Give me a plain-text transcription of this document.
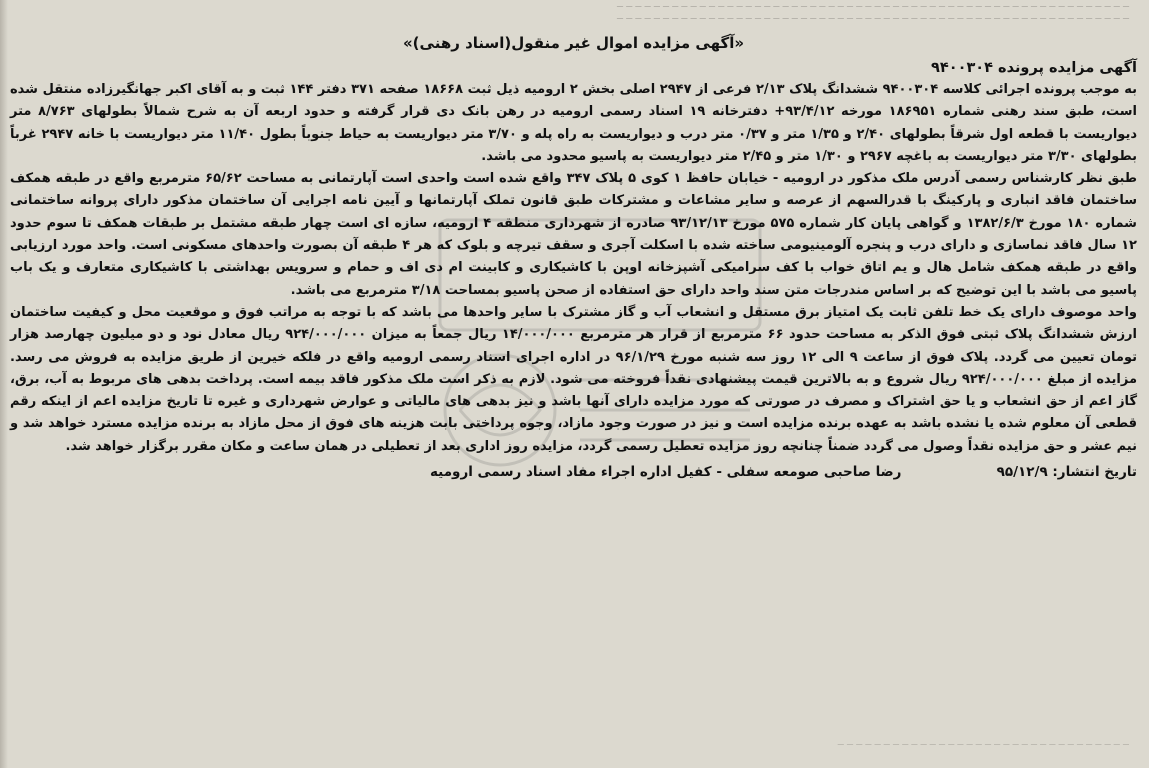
─ ─ ─ ─ ─ ─ ─ ─ ─ ─ ─ ─ ─ ─ ─ ─ ─ ─ ─ ─ ─ ─ ─ ─ ─ ─ ─ ─ ─ ─ ─ ─ ─ ─ ─ ─ ─ ─ ─ ─ ─ ─ ─ ─ ─ ─ ─ ─ ─ ─ ─ ─ ─ ─ ─ ─
─ ─ ─ ─ ─ ─ ─ ─ ─ ─ ─ ─ ─ ─ ─ ─ ─ ─ ─ ─ ─ ─ ─ ─ ─ ─ ─ ─ ─ ─ ─ ─ ─ ─ ─ ─ ─ ─ ─ ─ ─ ─ ─ ─ ─ ─ ─ ─ ─ ─ ─ ─ ─ ─ ─ ─

«آگهی مزایده اموال غیر منقول(اسناد رهنی)»

آگهی مزایده پرونده ۹۴۰۰۳۰۴

به موجب پرونده اجرائی کلاسه ۹۴۰۰۳۰۴ ششدانگ پلاک ۲/۱۳ فرعی از ۲۹۴۷ اصلی بخش ۲ ارومیه ذیل ثبت ۱۸۶۶۸ صفحه ۳۷۱ دفتر ۱۴۴ ثبت و به آقای اکبر جهانگیرزاده منتقل شده است، طبق سند رهنی شماره ۱۸۶۹۵۱ مورخه ۹۳/۴/۱۲+ دفترخانه ۱۹ اسناد رسمی ارومیه در رهن بانک دی قرار گرفته و حدود اربعه آن به شرح شمالاً بطولهای ۸/۷۶۳ متر دیواریست با قطعه اول شرقاً بطولهای ۲/۴۰ و ۱/۳۵ متر و ۰/۳۷ متر درب و دیواریست به راه پله و ۳/۷۰ متر دیواریست به حیاط جنوباً بطول ۱۱/۴۰ متر دیواریست با خانه ۲۹۴۷ غرباً بطولهای ۳/۳۰ متر دیواریست به باغچه ۲۹۶۷ و ۱/۳۰ متر و ۲/۴۵ متر دیواریست به پاسیو محدود می باشد.

طبق نظر کارشناس رسمی آدرس ملک مذکور در ارومیه - خیابان حافظ ۱ کوی ۵ پلاک ۳۴۷ واقع شده است واحدی است آپارتمانی به مساحت ۶۵/۶۲ مترمربع واقع در طبقه همکف ساختمان فاقد انباری و پارکینگ با قدرالسهم از عرصه و سایر مشاعات و مشترکات طبق قانون تملک آپارتمانها و آیین نامه اجرایی آن ساختمان مذکور دارای پروانه ساختمانی شماره ۱۸۰ مورخ ۱۳۸۲/۶/۳ و گواهی پایان کار شماره ۵۷۵ مورخ ۹۳/۱۲/۱۳ صادره از شهرداری منطقه ۴ ارومیه، سازه ای است چهار طبقه مشتمل بر طبقات همکف تا سوم حدود ۱۲ سال فاقد نماسازی و دارای درب و پنجره آلومینیومی ساخته شده با اسکلت آجری و سقف تیرچه و بلوک که هر ۴ طبقه آن بصورت واحدهای مسکونی است. واحد مورد ارزیابی واقع در طبقه همکف شامل هال و یم اتاق خواب با کف سرامیکی آشپزخانه اوپن با کاشیکاری و کابینت ام دی اف و حمام و سرویس بهداشتی با کاشیکاری متعارف و یک باب پاسیو می باشد با این توضیح که بر اساس مندرجات متن سند واحد دارای حق استفاده از صحن پاسیو بمساحت ۳/۱۸ مترمربع می باشد.

واحد موصوف دارای یک خط تلفن ثابت یک امتیاز برق مستقل و انشعاب آب و گاز مشترک با سایر واحدها می باشد که با توجه به مراتب فوق و موقعیت محل و کیفیت ساختمان ارزش ششدانگ پلاک ثبتی فوق الذکر به مساحت حدود ۶۶ مترمربع از قرار هر مترمربع ۱۴/۰۰۰/۰۰۰ ریال جمعاً به میزان ۹۲۴/۰۰۰/۰۰۰ ریال معادل نود و دو میلیون چهارصد هزار تومان تعیین می گردد. پلاک فوق از ساعت ۹ الی ۱۲ روز سه شنبه مورخ ۹۶/۱/۲۹ در اداره اجرای اسناد رسمی ارومیه واقع در فلکه خیرین از طریق مزایده به فروش می رسد. مزایده از مبلغ ۹۲۴/۰۰۰/۰۰۰ ریال شروع و به بالاترین قیمت پیشنهادی نقداً فروخته می شود. لازم به ذکر است ملک مذکور فاقد بیمه است. پرداخت بدهی های مربوط به آب، برق، گاز اعم از حق انشعاب و یا حق اشتراک و مصرف در صورتی که مورد مزایده دارای آنها باشد و نیز بدهی های مالیاتی و عوارض شهرداری و غیره تا تاریخ مزایده اعم از اینکه رقم قطعی آن معلوم شده یا نشده باشد به عهده برنده مزایده است و نیز در صورت وجود مازاد، وجوه پرداختی بابت هزینه های فوق از محل مازاد به برنده مزایده مسترد خواهد شد و نیم عشر و حق مزایده نقداً وصول می گردد ضمناً چنانچه روز مزایده تعطیل رسمی گردد، مزایده روز اداری بعد از تعطیلی در همان ساعت و مکان مقرر برگزار خواهد شد.

تاریخ انتشار: ۹۵/۱۲/۹
رضا صاحبی صومعه سفلی - کفیل اداره اجراء مفاد اسناد رسمی ارومیه
─ ─ ─ ─ ─ ─ ─ ─ ─ ─ ─ ─ ─ ─ ─ ─ ─ ─ ─ ─ ─ ─ ─ ─ ─ ─ ─ ─ ─ ─ ─ ─
